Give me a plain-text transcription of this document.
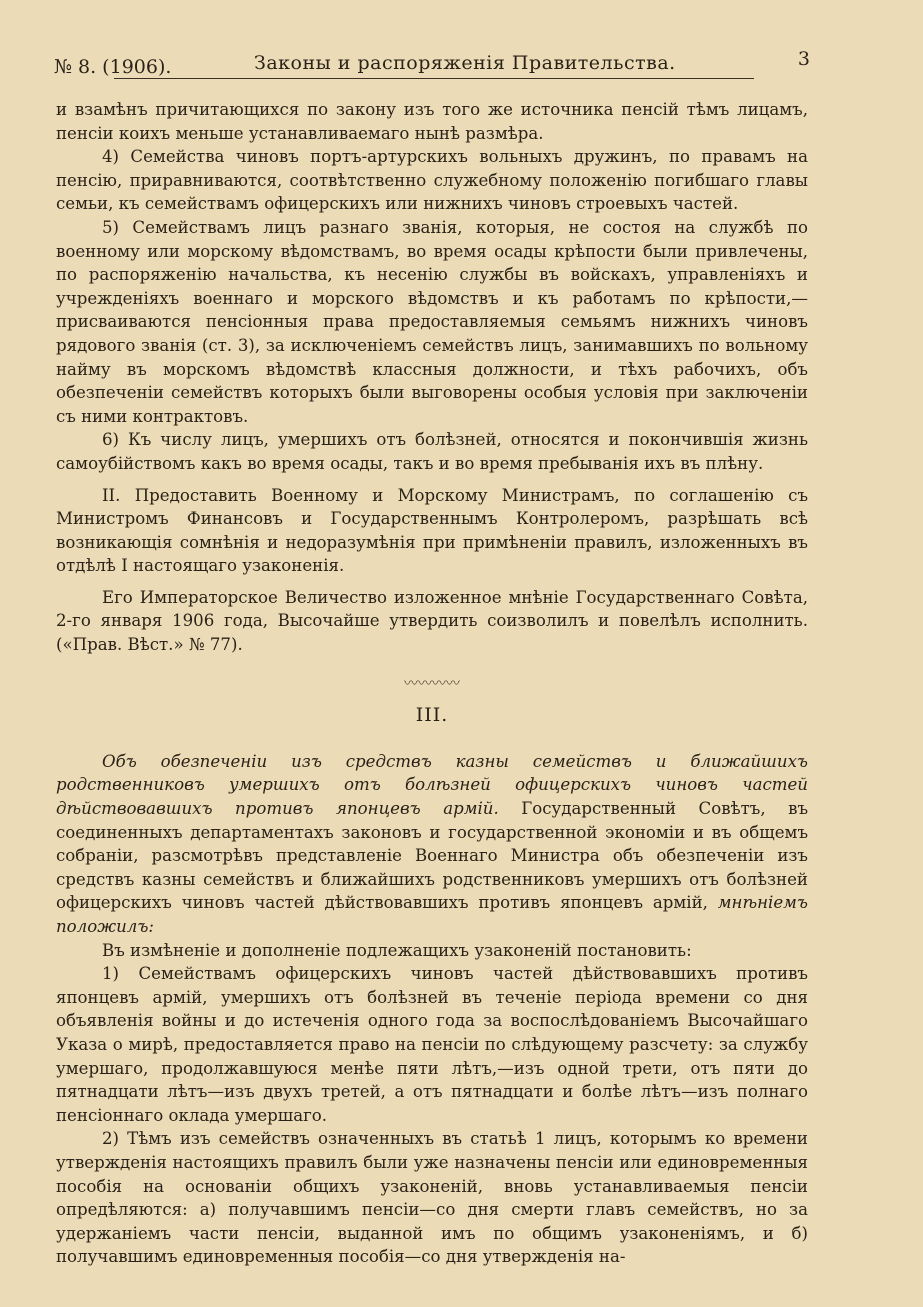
№ 8. (1906).	Законы и распоряженія Правительства.	3

и взамѣнъ причитающихся по закону изъ того же источника пенсій тѣмъ лицамъ, пенсіи коихъ меньше устанавливаемаго нынѣ размѣра.

4) Семейства чиновъ портъ-артурскихъ вольныхъ дружинъ, по правамъ на пенсію, приравниваются, соотвѣтственно служебному положенію погибшаго главы семьи, къ семействамъ офицерскихъ или нижнихъ чиновъ строевыхъ частей.

5) Семействамъ лицъ разнаго званія, которыя, не состоя на службѣ по военному или морскому вѣдомствамъ, во время осады крѣпости были привлечены, по распоряженію начальства, къ несенію службы въ войскахъ, управленіяхъ и учрежденіяхъ военнаго и морского вѣдомствъ и къ работамъ по крѣпости,—присваиваются пенсіонныя права предоставляемыя семьямъ нижнихъ чиновъ рядового званія (ст. 3), за исключеніемъ семействъ лицъ, занимавшихъ по вольному найму въ морскомъ вѣдомствѣ классныя должности, и тѣхъ рабочихъ, объ обезпеченіи семействъ которыхъ были выговорены особыя условія при заключеніи съ ними контрактовъ.

6) Къ числу лицъ, умершихъ отъ болѣзней, относятся и покончившія жизнь самоубійствомъ какъ во время осады, такъ и во время пребыванія ихъ въ плѣну.

II. Предоставить Военному и Морскому Министрамъ, по соглашенію съ Министромъ Финансовъ и Государственнымъ Контролеромъ, разрѣшать всѣ возникающія сомнѣнія и недоразумѣнія при примѣненіи правилъ, изложенныхъ въ отдѣлѣ I настоящаго узаконенія.

Его Императорское Величество изложенное мнѣніе Государственнаго Совѣта, 2-го января 1906 года, Высочайше утвердить соизволилъ и повелѣлъ исполнить. («Прав. Вѣст.» № 77).

〰〰〰〰
III.

Объ обезпеченіи изъ средствъ казны семействъ и ближайшихъ родственниковъ умершихъ отъ болѣзней офицерскихъ чиновъ частей дѣйствовавшихъ противъ японцевъ армій. Государственный Совѣтъ, въ соединенныхъ департаментахъ законовъ и государственной экономіи и въ общемъ собраніи, разсмотрѣвъ представленіе Военнаго Министра объ обезпеченіи изъ средствъ казны семействъ и ближайшихъ родственниковъ умершихъ отъ болѣзней офицерскихъ чиновъ частей дѣйствовавшихъ противъ японцевъ армій, мнѣніемъ положилъ:

Въ измѣненіе и дополненіе подлежащихъ узаконеній постановить:

1) Семействамъ офицерскихъ чиновъ частей дѣйствовавшихъ противъ японцевъ армій, умершихъ отъ болѣзней въ теченіе періода времени со дня объявленія войны и до истеченія одного года за воспослѣдованіемъ Высочайшаго Указа о мирѣ, предоставляется право на пенсіи по слѣдующему разсчету: за службу умершаго, продолжавшуюся менѣе пяти лѣтъ,—изъ одной трети, отъ пяти до пятнадцати лѣтъ—изъ двухъ третей, а отъ пятнадцати и болѣе лѣтъ—изъ полнаго пенсіоннаго оклада умершаго.

2) Тѣмъ изъ семействъ означенныхъ въ статьѣ 1 лицъ, которымъ ко времени утвержденія настоящихъ правилъ были уже назначены пенсіи или единовременныя пособія на основаніи общихъ узаконеній, вновь устанавливаемыя пенсіи опредѣляются: а) получавшимъ пенсіи—со дня смерти главъ семействъ, но за удержаніемъ части пенсіи, выданной имъ по общимъ узаконеніямъ, и б) получавшимъ единовременныя пособія—со дня утвержденія на-
